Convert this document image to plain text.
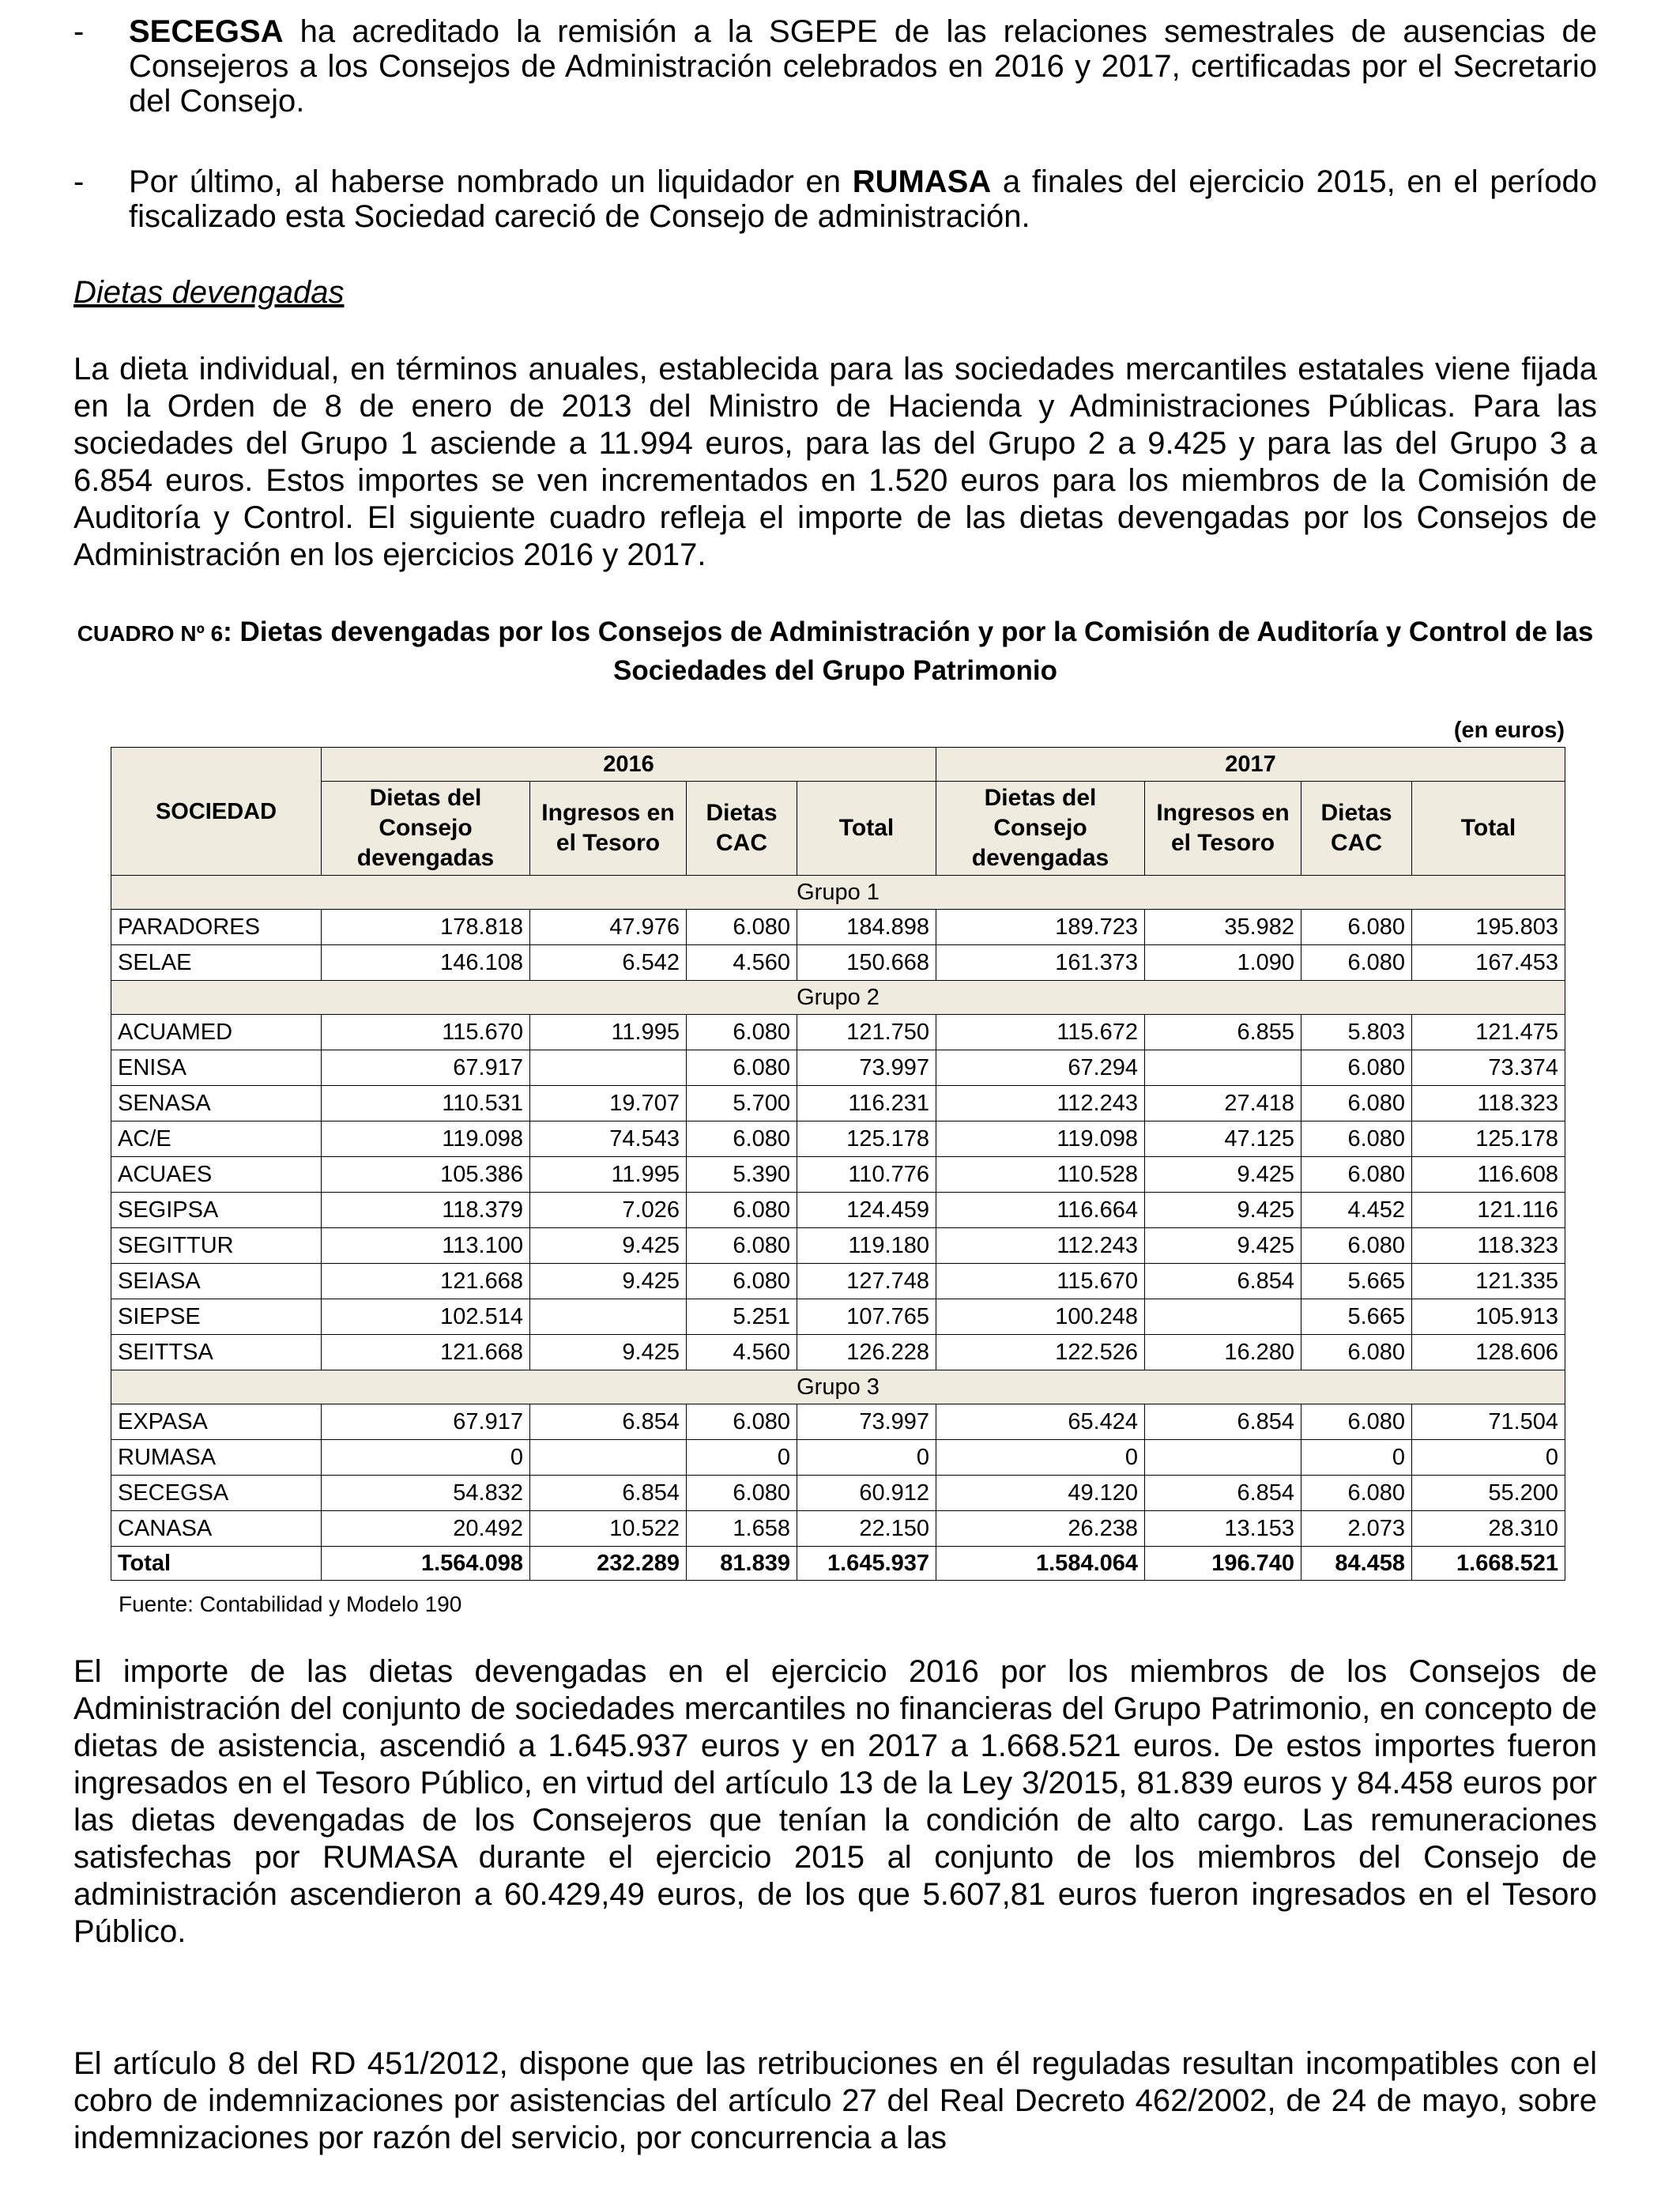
-	SECEGSA ha acreditado la remisión a la SGEPE de las relaciones semestrales de ausencias de Consejeros a los Consejos de Administración celebrados en 2016 y 2017, certificadas por el Secretario del Consejo.
-	Por último, al haberse nombrado un liquidador en RUMASA a finales del ejercicio 2015, en el período fiscalizado esta Sociedad careció de Consejo de administración.
Dietas devengadas
La dieta individual, en términos anuales, establecida para las sociedades mercantiles estatales viene fijada en la Orden de 8 de enero de 2013 del Ministro de Hacienda y Administraciones Públicas. Para las sociedades del Grupo 1 asciende a 11.994 euros, para las del Grupo 2 a 9.425 y para las del Grupo 3 a 6.854 euros. Estos importes se ven incrementados en 1.520 euros para los miembros de la Comisión de Auditoría y Control. El siguiente cuadro refleja el importe de las dietas devengadas por los Consejos de Administración en los ejercicios 2016 y 2017.
CUADRO Nº 6: Dietas devengadas por los Consejos de Administración y por la Comisión de Auditoría y Control de las Sociedades del Grupo Patrimonio
(en euros)
SOCIEDAD	2016				2017			
	Dietas del Consejo devengadas	Ingresos en el Tesoro	Dietas CAC	Total	Dietas del Consejo devengadas	Ingresos en el Tesoro	Dietas CAC	Total
Grupo 1								
PARADORES	178.818	47.976	6.080	184.898	189.723	35.982	6.080	195.803
SELAE	146.108	6.542	4.560	150.668	161.373	1.090	6.080	167.453
Grupo 2								
ACUAMED	115.670	11.995	6.080	121.750	115.672	6.855	5.803	121.475
ENISA	67.917		6.080	73.997	67.294		6.080	73.374
SENASA	110.531	19.707	5.700	116.231	112.243	27.418	6.080	118.323
AC/E	119.098	74.543	6.080	125.178	119.098	47.125	6.080	125.178
ACUAES	105.386	11.995	5.390	110.776	110.528	9.425	6.080	116.608
SEGIPSA	118.379	7.026	6.080	124.459	116.664	9.425	4.452	121.116
SEGITTUR	113.100	9.425	6.080	119.180	112.243	9.425	6.080	118.323
SEIASA	121.668	9.425	6.080	127.748	115.670	6.854	5.665	121.335
SIEPSE	102.514		5.251	107.765	100.248		5.665	105.913
SEITTSA	121.668	9.425	4.560	126.228	122.526	16.280	6.080	128.606
Grupo 3								
EXPASA	67.917	6.854	6.080	73.997	65.424	6.854	6.080	71.504
RUMASA	0		0	0	0		0	0
SECEGSA	54.832	6.854	6.080	60.912	49.120	6.854	6.080	55.200
CANASA	20.492	10.522	1.658	22.150	26.238	13.153	2.073	28.310
Total	1.564.098	232.289	81.839	1.645.937	1.584.064	196.740	84.458	1.668.521
Fuente: Contabilidad y Modelo 190
El importe de las dietas devengadas en el ejercicio 2016 por los miembros de los Consejos de Administración del conjunto de sociedades mercantiles no financieras del Grupo Patrimonio, en concepto de dietas de asistencia, ascendió a 1.645.937 euros y en 2017 a 1.668.521 euros. De estos importes fueron ingresados en el Tesoro Público, en virtud del artículo 13 de la Ley 3/2015, 81.839 euros y 84.458 euros por las dietas devengadas de los Consejeros que tenían la condición de alto cargo. Las remuneraciones satisfechas por RUMASA durante el ejercicio 2015 al conjunto de los miembros del Consejo de administración ascendieron a 60.429,49 euros, de los que 5.607,81 euros fueron ingresados en el Tesoro Público.
El artículo 8 del RD 451/2012, dispone que las retribuciones en él reguladas resultan incompatibles con el cobro de indemnizaciones por asistencias del artículo 27 del Real Decreto 462/2002, de 24 de mayo, sobre indemnizaciones por razón del servicio, por concurrencia a las
